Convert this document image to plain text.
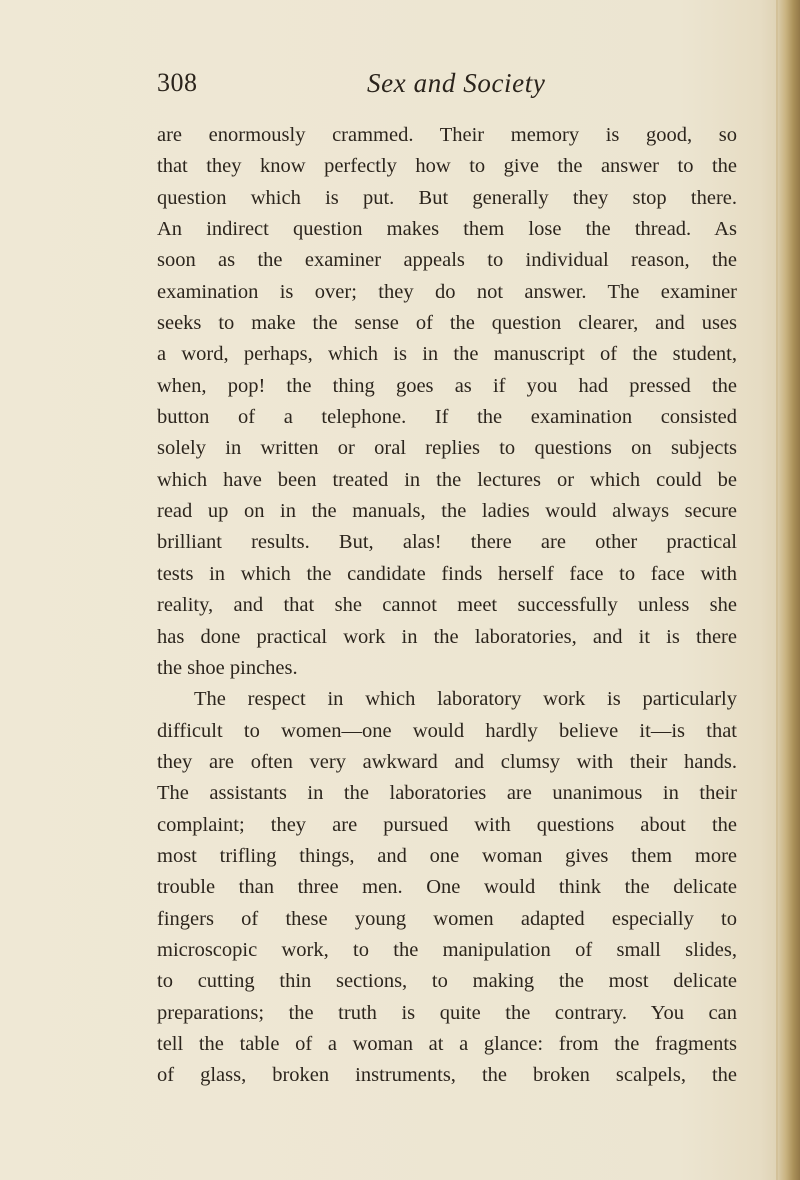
308	Sex and Society
are enormously crammed. Their memory is good, so
that they know perfectly how to give the answer to the
question which is put. But generally they stop there.
An indirect question makes them lose the thread. As
soon as the examiner appeals to individual reason, the
examination is over; they do not answer. The examiner
seeks to make the sense of the question clearer, and uses
a word, perhaps, which is in the manuscript of the student,
when, pop! the thing goes as if you had pressed the
button of a telephone. If the examination consisted
solely in written or oral replies to questions on subjects
which have been treated in the lectures or which could be
read up on in the manuals, the ladies would always secure
brilliant results. But, alas! there are other practical
tests in which the candidate finds herself face to face with
reality, and that she cannot meet successfully unless she
has done practical work in the laboratories, and it is there
the shoe pinches.
The respect in which laboratory work is particularly
difficult to women—one would hardly believe it—is that
they are often very awkward and clumsy with their hands.
The assistants in the laboratories are unanimous in their
complaint; they are pursued with questions about the
most trifling things, and one woman gives them more
trouble than three men. One would think the delicate
fingers of these young women adapted especially to
microscopic work, to the manipulation of small slides,
to cutting thin sections, to making the most delicate
preparations; the truth is quite the contrary. You can
tell the table of a woman at a glance: from the fragments
of glass, broken instruments, the broken scalpels, the
